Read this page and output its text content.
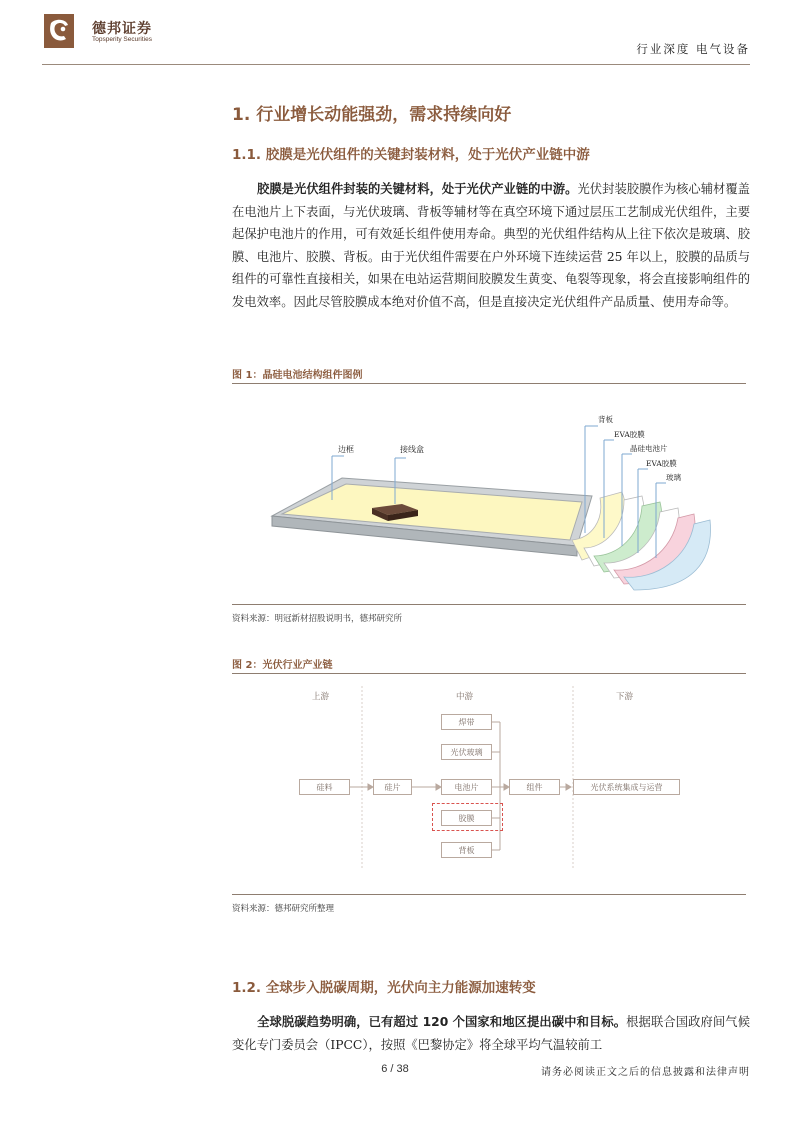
德邦证券
Topsperity Securities
行业深度 电气设备
1. 行业增长动能强劲，需求持续向好
1.1. 胶膜是光伏组件的关键封装材料，处于光伏产业链中游
胶膜是光伏组件封装的关键材料，处于光伏产业链的中游。光伏封装胶膜作为核心辅材覆盖在电池片上下表面，与光伏玻璃、背板等辅材等在真空环境下通过层压工艺制成光伏组件，主要起保护电池片的作用，可有效延长组件使用寿命。典型的光伏组件结构从上往下依次是玻璃、胶膜、电池片、胶膜、背板。由于光伏组件需要在户外环境下连续运营 25 年以上，胶膜的品质与组件的可靠性直接相关，如果在电站运营期间胶膜发生黄变、龟裂等现象，将会直接影响组件的发电效率。因此尽管胶膜成本绝对价值不高，但是直接决定光伏组件产品质量、使用寿命等。
图 1：晶硅电池结构组件图例
边框	接线盒
背板
EVA胶膜
晶硅电池片
EVA胶膜
玻璃
资料来源：明冠新材招股说明书，德邦研究所
图 2：光伏行业产业链
上游	中游	下游
硅料	硅片
焊带
光伏玻璃
电池片
胶膜
背板
组件	光伏系统集成与运营
资料来源：德邦研究所整理
1.2. 全球步入脱碳周期，光伏向主力能源加速转变
全球脱碳趋势明确，已有超过 120 个国家和地区提出碳中和目标。根据联合国政府间气候变化专门委员会（IPCC），按照《巴黎协定》将全球平均气温较前工
6 / 38	请务必阅读正文之后的信息披露和法律声明
